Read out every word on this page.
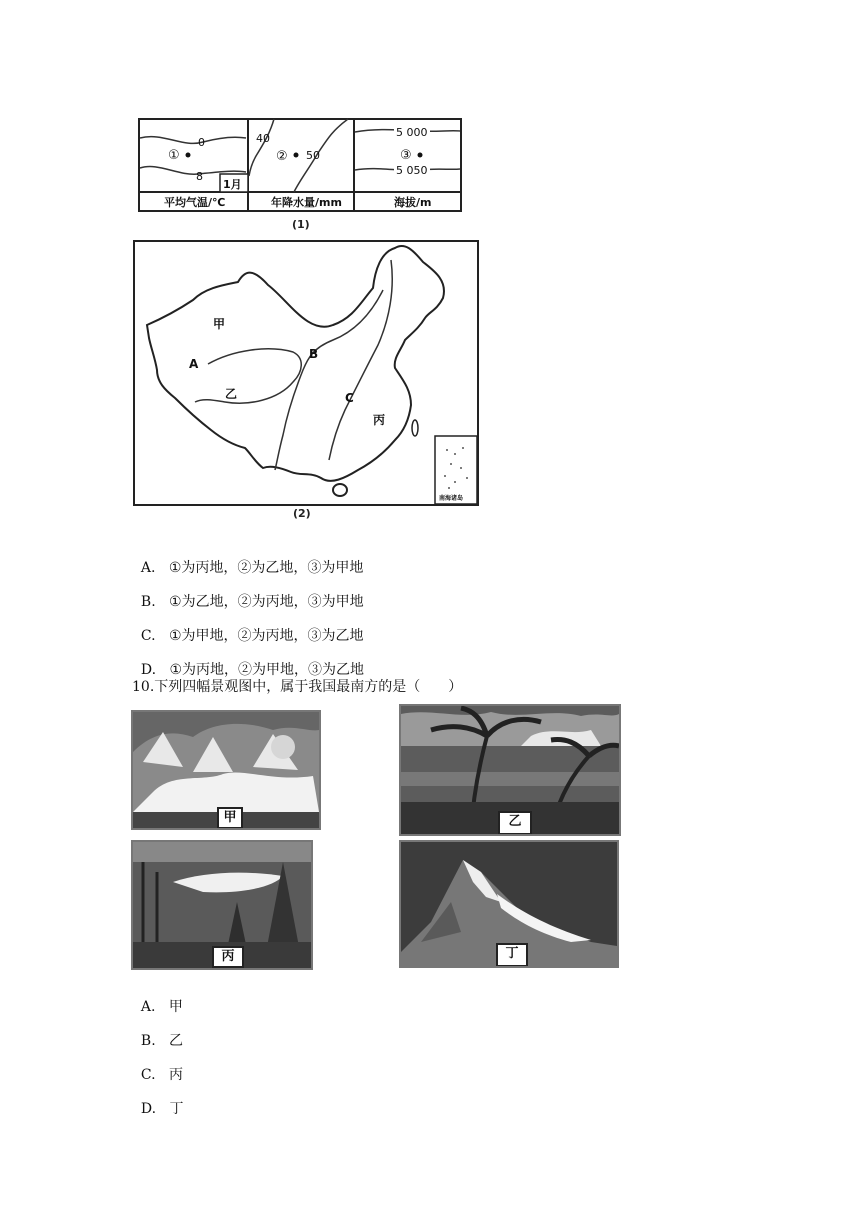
0
①
8
1月
40
② 50
5 000
③
5 050
平均气温/℃	年降水量/mm	海拔/m
(1)
甲
乙
丙
A
B
C
南海诸岛
(2)

A. ①为丙地，②为乙地，③为甲地

B. ①为乙地，②为丙地，③为甲地

C. ①为甲地，②为丙地，③为乙地

D. ①为丙地，②为甲地，③为乙地

10.下列四幅景观图中，属于我国最南方的是（　　）
甲	乙
丙	丁

A. 甲

B. 乙

C. 丙

D. 丁
